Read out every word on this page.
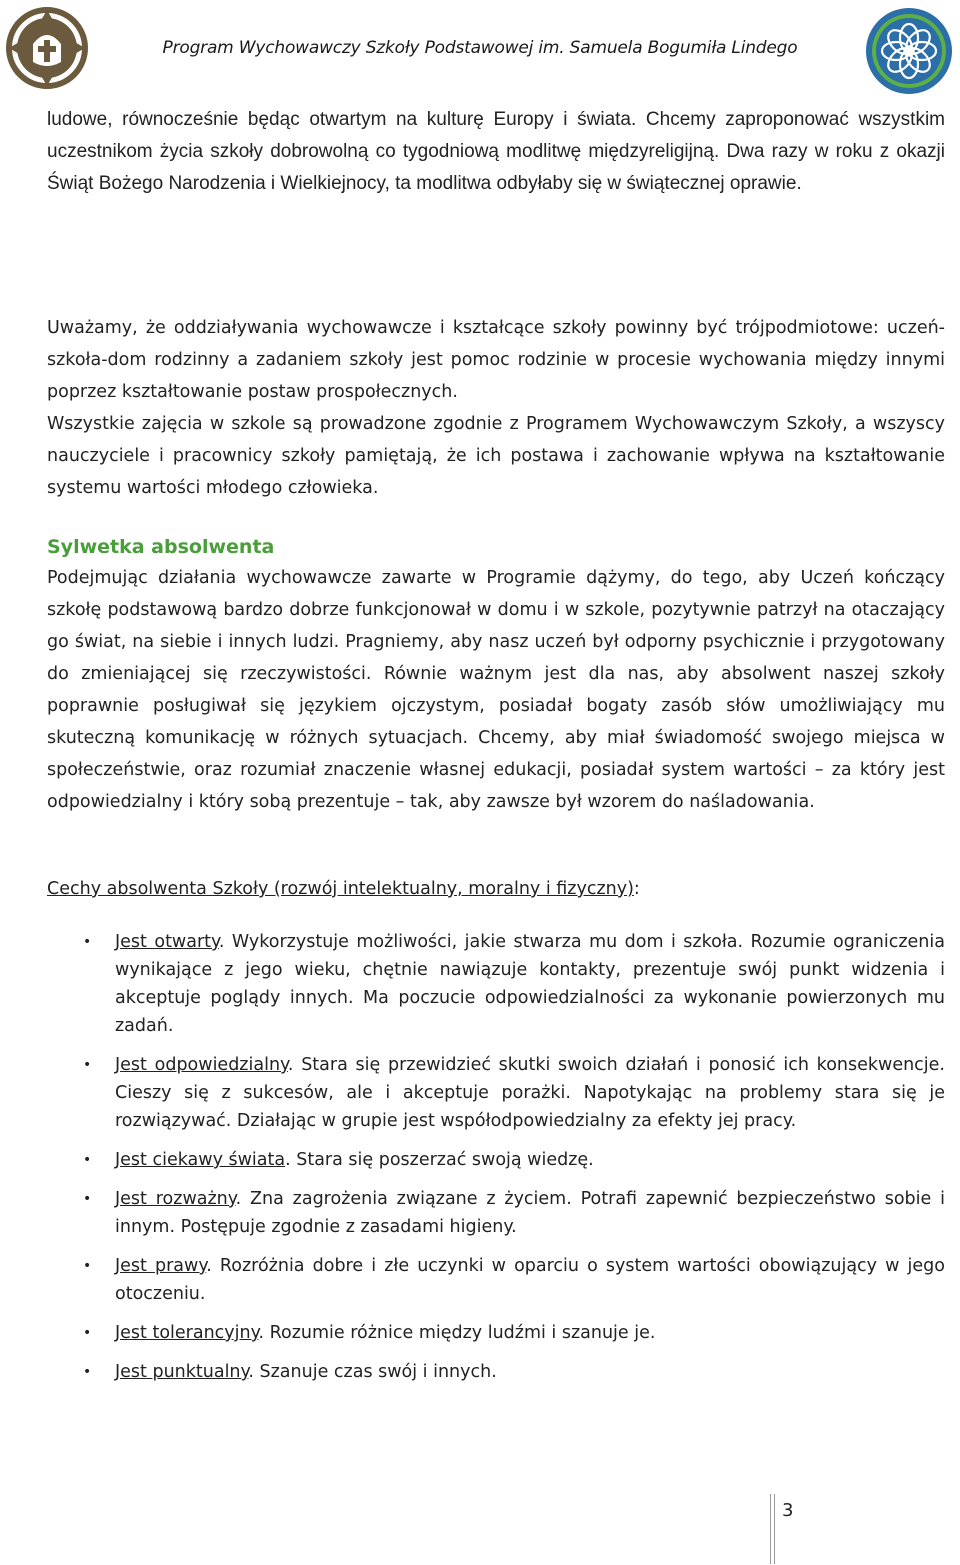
Program Wychowawczy Szkoły Podstawowej im. Samuela Bogumiła Lindego

ludowe, równocześnie będąc otwartym na kulturę Europy i świata. Chcemy zaproponować wszystkim uczestnikom życia szkoły dobrowolną co tygodniową modlitwę międzyreligijną. Dwa razy w roku z okazji Świąt Bożego Narodzenia i Wielkiejnocy, ta modlitwa odbyłaby się w świątecznej oprawie.

Uważamy, że oddziaływania wychowawcze i kształcące szkoły powinny być trójpodmiotowe: uczeń-szkoła-dom rodzinny a zadaniem szkoły jest pomoc rodzinie w procesie wychowania między innymi poprzez kształtowanie postaw prospołecznych.

Wszystkie zajęcia w szkole są prowadzone zgodnie z Programem Wychowawczym Szkoły, a wszyscy nauczyciele i pracownicy szkoły pamiętają, że ich postawa i zachowanie wpływa na kształtowanie systemu wartości młodego człowieka.

Sylwetka absolwenta

Podejmując działania wychowawcze zawarte w Programie dążymy, do tego, aby Uczeń kończący szkołę podstawową bardzo dobrze funkcjonował w domu i w szkole, pozytywnie patrzył na otaczający go świat, na siebie i innych ludzi. Pragniemy, aby nasz uczeń był odporny psychicznie i przygotowany do zmieniającej się rzeczywistości. Równie ważnym jest dla nas, aby absolwent naszej szkoły poprawnie posługiwał się językiem ojczystym, posiadał bogaty zasób słów umożliwiający mu skuteczną komunikację w różnych sytuacjach. Chcemy, aby miał świadomość swojego miejsca w społeczeństwie, oraz rozumiał znaczenie własnej edukacji, posiadał system wartości – za który jest odpowiedzialny i który sobą prezentuje – tak, aby zawsze był wzorem do naśladowania.

Cechy absolwenta Szkoły (rozwój intelektualny, moralny i fizyczny):

• Jest otwarty. Wykorzystuje możliwości, jakie stwarza mu dom i szkoła. Rozumie ograniczenia wynikające z jego wieku, chętnie nawiązuje kontakty, prezentuje swój punkt widzenia i akceptuje poglądy innych. Ma poczucie odpowiedzialności za wykonanie powierzonych mu zadań.
• Jest odpowiedzialny. Stara się przewidzieć skutki swoich działań i ponosić ich konsekwencje. Cieszy się z sukcesów, ale i akceptuje porażki. Napotykając na problemy stara się je rozwiązywać. Działając w grupie jest współodpowiedzialny za efekty jej pracy.
• Jest ciekawy świata. Stara się poszerzać swoją wiedzę.
• Jest rozważny. Zna zagrożenia związane z życiem. Potrafi zapewnić bezpieczeństwo sobie i innym. Postępuje zgodnie z zasadami higieny.
• Jest prawy. Rozróżnia dobre i złe uczynki w oparciu o system wartości obowiązujący w jego otoczeniu.
• Jest tolerancyjny. Rozumie różnice między ludźmi i szanuje je.
• Jest punktualny. Szanuje czas swój i innych.
3
